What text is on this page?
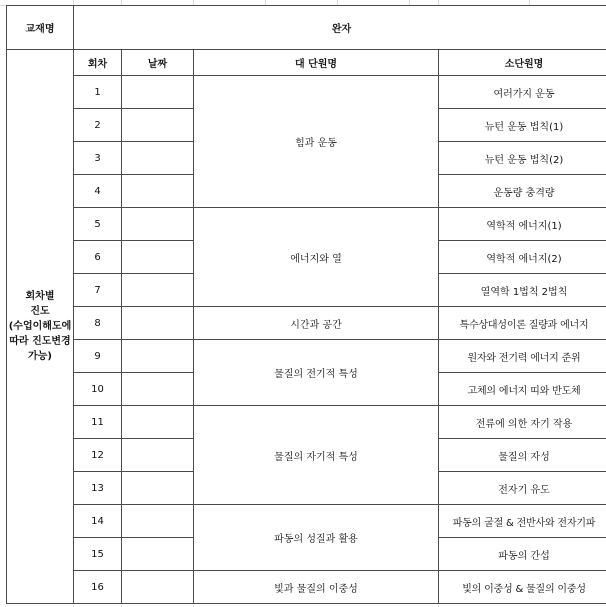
교재명	완자			

회차별
진도
(수업이해도에
따라 진도변경
가능)	회차	날짜	대 단원명	소단원명
	1		힘과 운동	여러가지 운동
	2			뉴턴 운동 법칙(1)
	3			뉴턴 운동 법칙(2)
	4			운동량 충격량
	5		에너지와 열	역학적 에너지(1)
	6			역학적 에너지(2)
	7			열역학 1법칙 2법칙
	8		시간과 공간	특수상대성이론 질량과 에너지
	9		물질의 전기적 특성	원자와 전기력 에너지 준위
	10			고체의 에너지 띠와 반도체
	11		물질의 자기적 특성	전류에 의한 자기 작용
	12			물질의 자성
	13			전자기 유도
	14		파동의 성질과 활용	파동의 굴절 & 전반사와 전자기파
	15			파동의 간섭
	16		빛과 물질의 이중성	빛의 이중성 & 물질의 이중성
